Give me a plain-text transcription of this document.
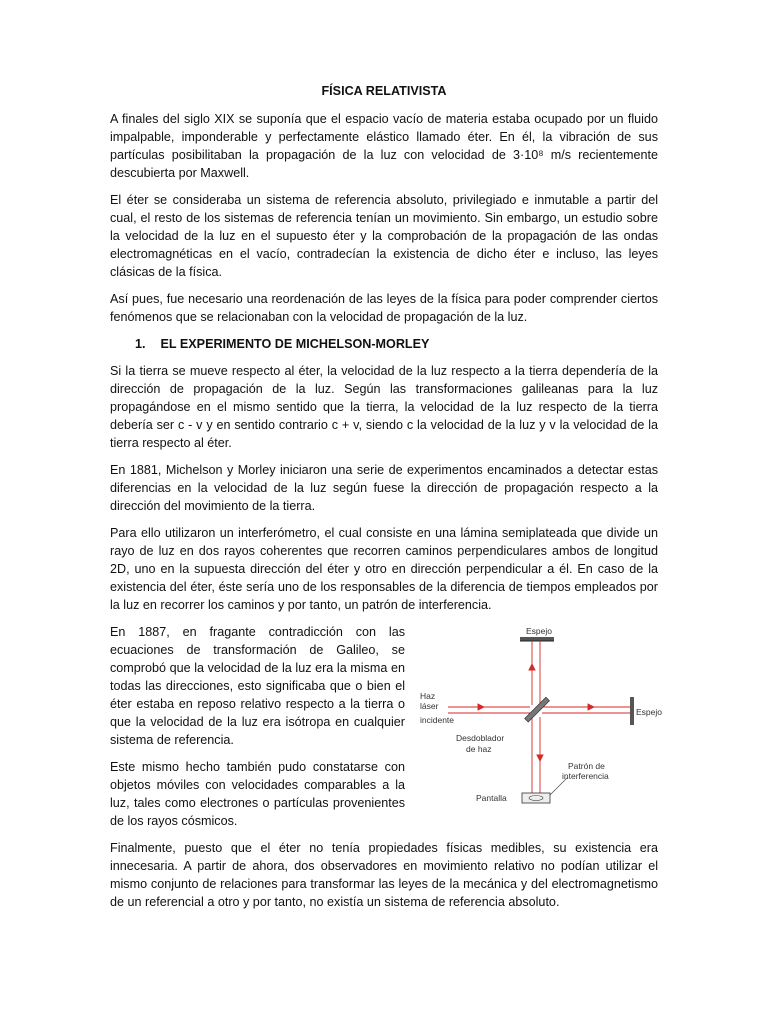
FÍSICA RELATIVISTA

A finales del siglo XIX se suponía que el espacio vacío de materia estaba ocupado por un fluido impalpable, imponderable y perfectamente elástico llamado éter. En él, la vibración de sus partículas posibilitaban la propagación de la luz con velocidad de 3·10⁸ m/s recientemente descubierta por Maxwell.

El éter se consideraba un sistema de referencia absoluto, privilegiado e inmutable a partir del cual, el resto de los sistemas de referencia tenían un movimiento. Sin embargo, un estudio sobre la velocidad de la luz en el supuesto éter y la comprobación de la propagación de las ondas electromagnéticas en el vacío, contradecían la existencia de dicho éter e incluso, las leyes clásicas de la física.

Así pues, fue necesario una reordenación de las leyes de la física para poder comprender ciertos fenómenos que se relacionaban con la velocidad de propagación de la luz.

1. EL EXPERIMENTO DE MICHELSON-MORLEY

Si la tierra se mueve respecto al éter, la velocidad de la luz respecto a la tierra dependería de la dirección de propagación de la luz. Según las transformaciones galileanas para la luz propagándose en el mismo sentido que la tierra, la velocidad de la luz respecto de la tierra debería ser c - v y en sentido contrario c + v, siendo c la velocidad de la luz y v la velocidad de la tierra respecto al éter.

En 1881, Michelson y Morley iniciaron una serie de experimentos encaminados a detectar estas diferencias en la velocidad de la luz según fuese la dirección de propagación respecto a la dirección del movimiento de la tierra.

Para ello utilizaron un interferómetro, el cual consiste en una lámina semiplateada que divide un rayo de luz en dos rayos coherentes que recorren caminos perpendiculares ambos de longitud 2D, uno en la supuesta dirección del éter y otro en dirección perpendicular a él. En caso de la existencia del éter, éste sería uno de los responsables de la diferencia de tiempos empleados por la luz en recorrer los caminos y por tanto, un patrón de interferencia.

En 1887, en fragante contradicción con las ecuaciones de transformación de Galileo, se comprobó que la velocidad de la luz era la misma en todas las direcciones, esto significaba que o bien el éter estaba en reposo relativo respecto a la tierra o que la velocidad de la luz era isótropa en cualquier sistema de referencia.

Este mismo hecho también pudo constatarse con objetos móviles con velocidades comparables a la luz, tales como electrones o partículas provenientes de los rayos cósmicos.

Espejo
Espejo
Haz
láser
incidente
Desdoblador
de haz
Patrón de
interferencia
Pantalla

Finalmente, puesto que el éter no tenía propiedades físicas medibles, su existencia era innecesaria. A partir de ahora, dos observadores en movimiento relativo no podían utilizar el mismo conjunto de relaciones para transformar las leyes de la mecánica y del electromagnetismo de un referencial a otro y por tanto, no existía un sistema de referencia absoluto.
